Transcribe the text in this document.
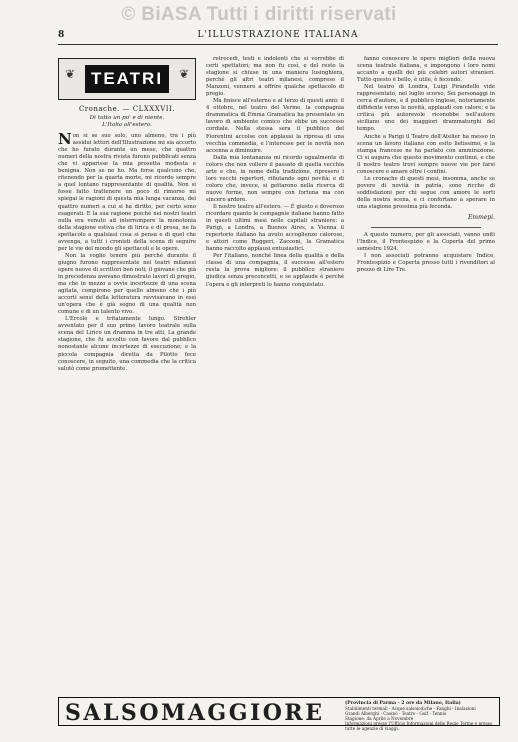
© BiASA Tutti i diritti riservati
8	L'ILLUSTRAZIONE ITALIANA
❦ TEATRI	❦
Cronache. — CLXXXVII.
Di tutto un po' e di niente.
L'Italia all'estero.

Non si se suo solo, uno almeno, tra i più assidui lettori dell'Illustrazione mi sia accorto che ho furato durante un mese, che quattro numeri della nostra rivista furono pubblicati senza che vi apparisse la mia prosetta modesta e benigna. Non se ne ho. Ma forse qualcuno che, ritenendo per la quarta morte, mi ricordo sempre a quel lontano rappresentante di qualità. Non si fosse fatto trattenere un poco di rimorso mi spiegai le ragioni di questa mia lunga vacanza, dei quattro numeri a cui si ha diritto, per certo sono esagerati. E la sua ragione poiché nei nostri teatri nulla era venuto ad interrompere la monotonia della stagione estiva che di lirica e di prosa, ne fa spettacolo a qualsiasi cosa si pensa e di quel che avvenga, a tutti i cronisti della scena di seguire per le vie del mondo gli spettacoli e le opere.

Non la voglio tenere più perché durante il giugno furono rappresentate nei teatri milanesi opere nuove di scrittori ben noti; il giovane che già in precedenza avevano dimostrato lavori di pregio, ma che in mezzo a ovvie incertezze di una scena agitata, compirono per quello almeno che i più accorti sensi della letteratura ravvisavano in essi un'opera che è già segno di una qualità non comune e di un talento vivo.

L'Ercole e tritatamente lungo. Strehler avventato per il suo primo lavoro teatrale sulla scena del Lirico un dramma in tre atti, La grande stagione, che fu accolto con favore dal pubblico nonostante alcune incertezze di esecuzione; e la piccola compagnia diretta da Pilotto fece conoscere, in seguito, una commedia che la critica salutò come promettente.

retrocedi, testi e indolenti che si vorrebbe di certi spettatori; ma non fu così, e del resto la stagione si chiuse in una maniera lusinghiera, perché gli altri teatri milanesi, compreso il Manzoni, vennero a offrire qualche spettacolo di pregio.

Ma finisce all'esterno e al terzo di questi anni: il 4 ottobre, nel teatro del Verme, la compagnia drammatica di Emma Gramatica ha presentato un lavoro di ambiente comico che ebbe un successo cordiale. Nella stessa sera il pubblico del Fiorentini accolse con applausi la ripresa di una vecchia commedia, e l'interesse per le novità non accenna a diminuire.

Dalla mia lontananza mi ricordo ugualmente di coloro che non vollero il passato di quella vecchia arte e che, in nome della tradizione, ripresero i loro vecchi repertori, rifiutando ogni novità; e di coloro che, invece, si gettarono nella ricerca di nuove forme, non sempre con fortuna ma con sincero ardore.

Il nostro teatro all'estero. — È giusto e doveroso ricordare quanto le compagnie italiane hanno fatto in questi ultimi mesi nelle capitali straniere: a Parigi, a Londra, a Buenos Aires, a Vienna il repertorio italiano ha avuto accoglienze calorose, e attori come Ruggeri, Zacconi, la Gramatica hanno raccolto applausi entusiastici.

Per l'italiano, nonché linea della qualità e della classe di una compagnia, il successo all'estero resta la prova migliore: il pubblico straniero giudica senza preconcetti, e se applaude è perché l'opera e gli interpreti lo hanno conquistato.

fanno conoscere le opere migliori della nuova scena teatrale italiana, e impongono i loro nomi accanto a quelli dei più celebri autori stranieri. Tutto questo è bello, è utile, è fecondo.

Nel teatro di Londra, Luigi Pirandello vide rappresentato, nel luglio scorso, Sei personaggi in cerca d'autore, e il pubblico inglese, notoriamente diffidente verso le novità, applaudì con calore; e la critica più autorevole riconobbe nell'autore siciliano uno dei maggiori drammaturghi del tempo.

Anche a Parigi il Teatro dell'Atelier ha messo in scena un lavoro italiano con esito lietissimo, e la stampa francese ne ha parlato con ammirazione. Ci si augura che questo movimento continui, e che il nostro teatro trovi sempre nuove vie per farsi conoscere e amare oltre i confini.

Le cronache di questi mesi, insomma, anche se povere di novità in patria, sono ricche di soddisfazioni per chi segue con amore le sorti della nostra scena, e ci confortano a sperare in una stagione prossima più feconda.

Emmepi.

A questo numero, per gli associati, vanno uniti l'Indice, il Frontespizio e la Coperta del primo semestre 1924.

I non associati potranno acquistare Indice, Frontespizio e Coperta presso tutti i rivenditori al prezzo di Lire Tre.

SALSOMAGGIORE	(Provincia di Parma - 2 ore da Milano, Italia)
Stabilimenti termali - Acque salsoiodiche - Fanghi - Inalazioni
Grandi Alberghi - Casinò - Teatro - Golf - Tennis
Stagione: da Aprile a Novembre
Informazioni presso l'Ufficio Informazioni delle Regie Terme e presso tutte le agenzie di viaggi.
